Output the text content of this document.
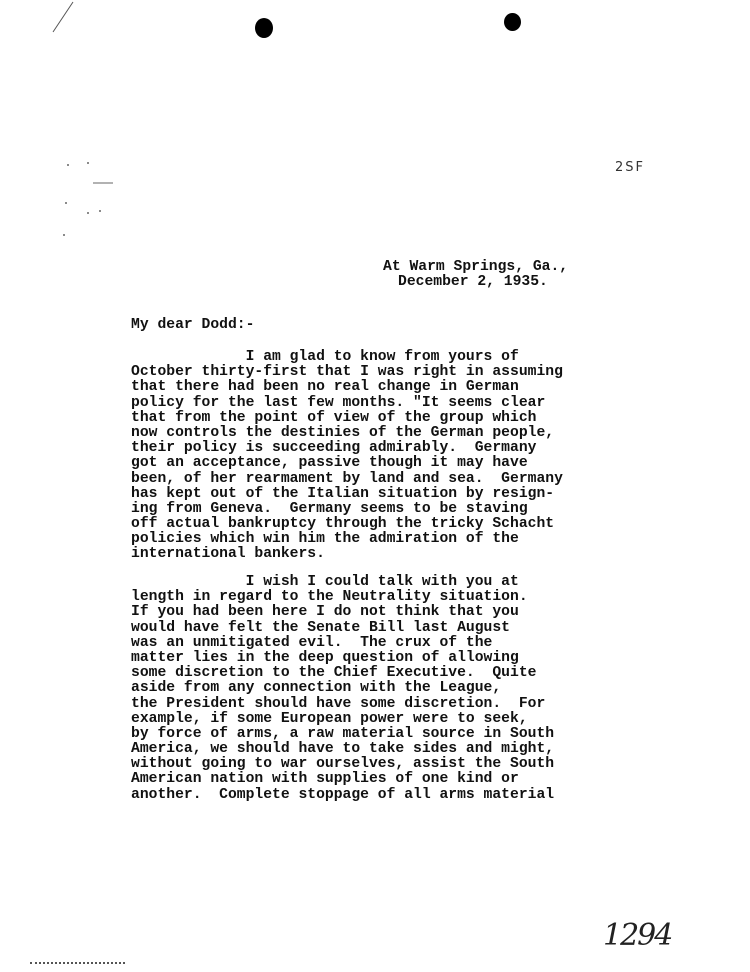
2SF
At Warm Springs, Ga.,
December 2, 1935.
My dear Dodd:-
I am glad to know from yours of
October thirty-first that I was right in assuming
that there had been no real change in German
policy for the last few months. "It seems clear
that from the point of view of the group which
now controls the destinies of the German people,
their policy is succeeding admirably.  Germany
got an acceptance, passive though it may have
been, of her rearmament by land and sea.  Germany
has kept out of the Italian situation by resign-
ing from Geneva.  Germany seems to be staving
off actual bankruptcy through the tricky Schacht
policies which win him the admiration of the
international bankers.
I wish I could talk with you at
length in regard to the Neutrality situation.
If you had been here I do not think that you
would have felt the Senate Bill last August
was an unmitigated evil.  The crux of the
matter lies in the deep question of allowing
some discretion to the Chief Executive.  Quite
aside from any connection with the League,
the President should have some discretion.  For
example, if some European power were to seek,
by force of arms, a raw material source in South
America, we should have to take sides and might,
without going to war ourselves, assist the South
American nation with supplies of one kind or
another.  Complete stoppage of all arms material
1294
